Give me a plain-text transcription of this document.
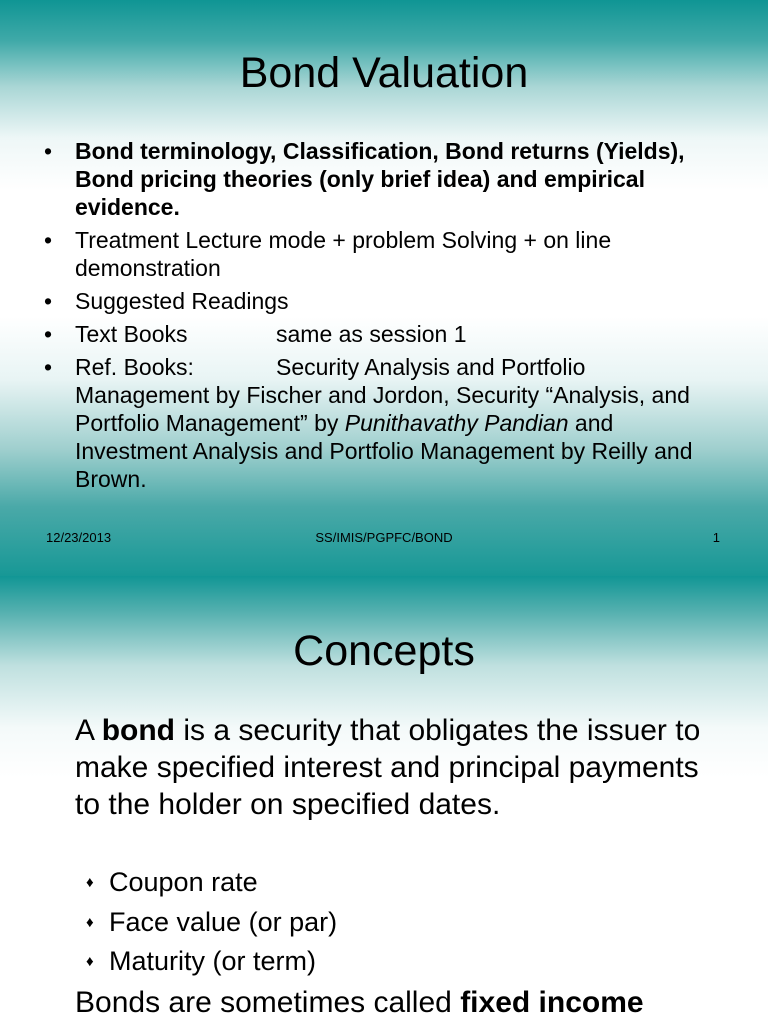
Bond Valuation
• Bond terminology, Classification, Bond returns (Yields), Bond pricing theories (only brief idea) and empirical evidence.
• Treatment Lecture mode + problem Solving + on line demonstration
• Suggested Readings
• Text Books	same as session 1
• Ref. Books:	Security Analysis and Portfolio Management by Fischer and Jordon, Security “Analysis, and Portfolio Management” by Punithavathy Pandian and Investment Analysis and Portfolio Management by Reilly and Brown.
12/23/2013	SS/IMIS/PGPFC/BOND	1
Concepts

A bond is a security that obligates the issuer to make specified interest and principal payments to the holder on specified dates.

♦ Coupon rate
♦ Face value (or par)
♦ Maturity (or term)

Bonds are sometimes called fixed income
